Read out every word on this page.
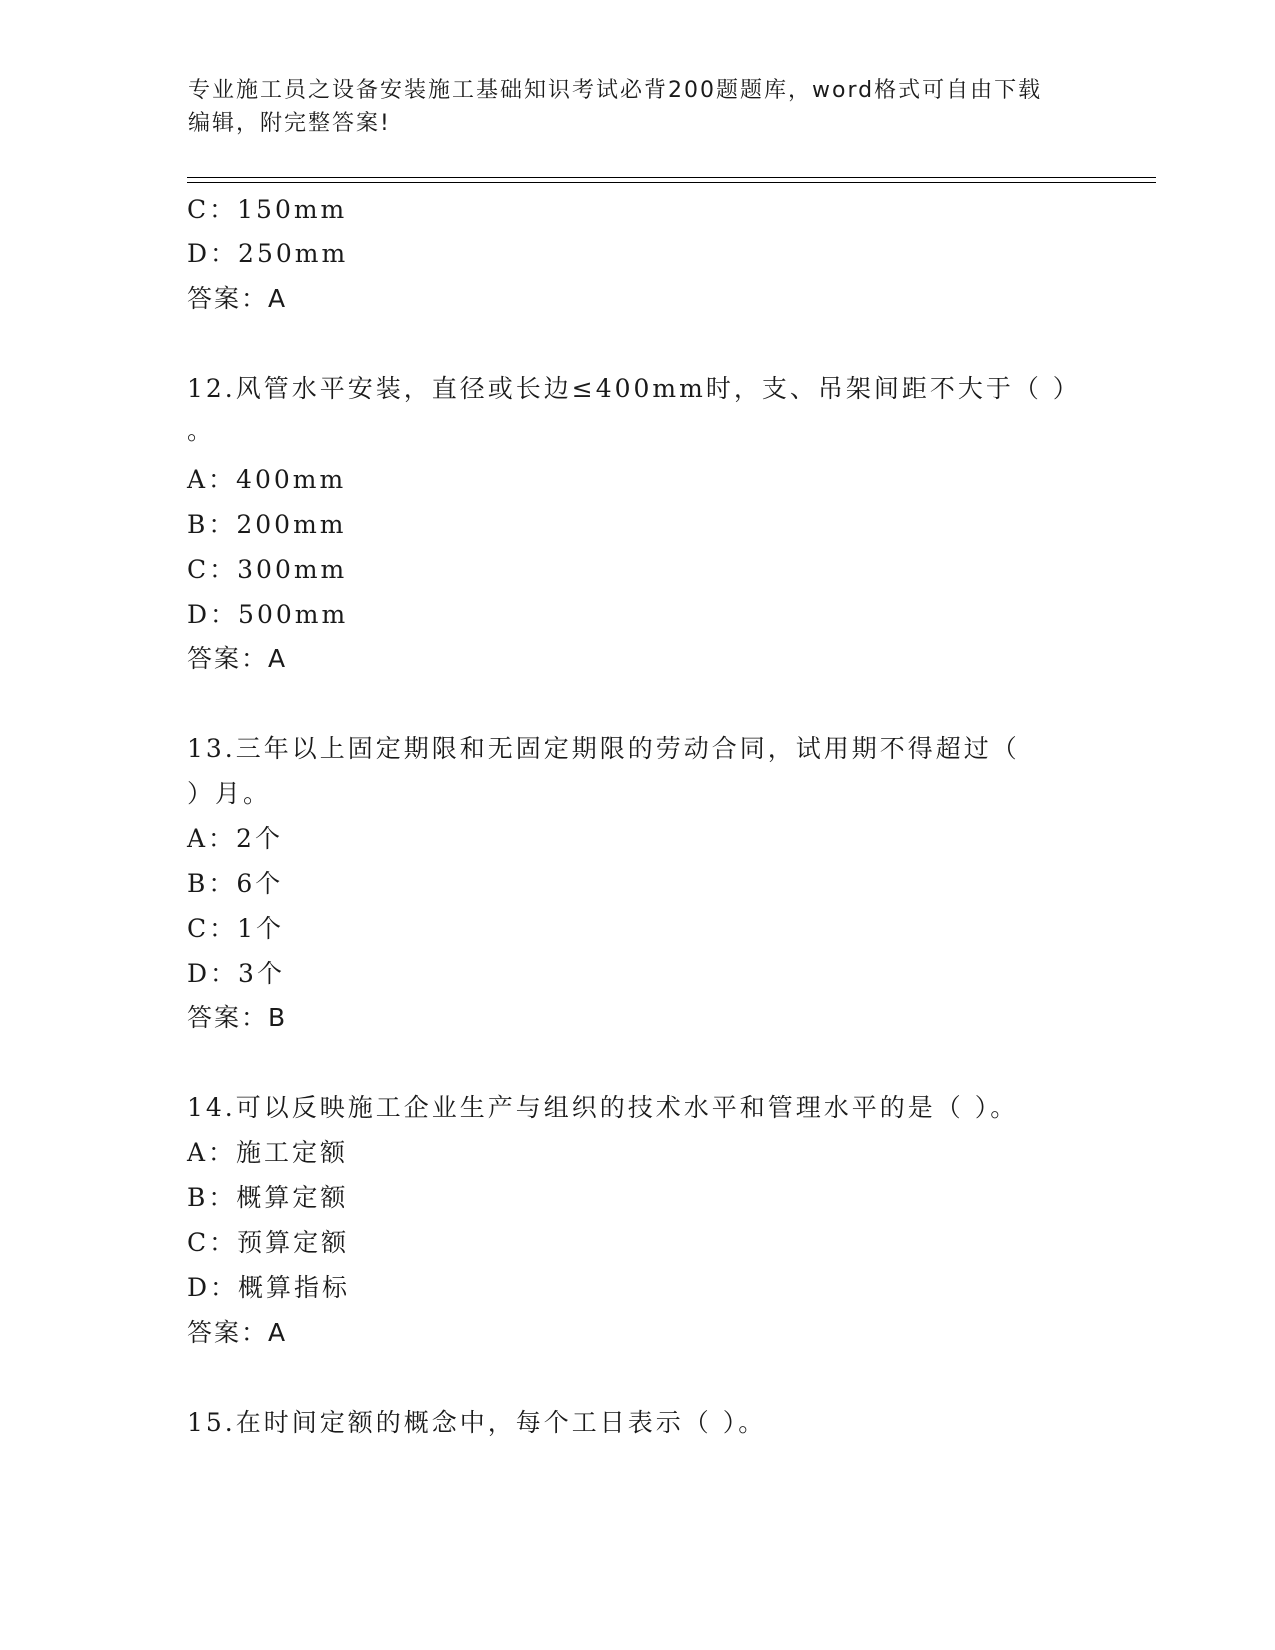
专业施工员之设备安装施工基础知识考试必背200题题库，word格式可自由下载
编辑，附完整答案!
C：150mm
D：250mm
答案：A
12.风管水平安装，直径或长边≤400mm时，支、吊架间距不大于（ ）
。
A：400mm
B：200mm
C：300mm
D：500mm
答案：A
13.三年以上固定期限和无固定期限的劳动合同，试用期不得超过（
）月。
A：2个
B：6个
C：1个
D：3个
答案：B
14.可以反映施工企业生产与组织的技术水平和管理水平的是（ ）。
A：施工定额
B：概算定额
C：预算定额
D：概算指标
答案：A
15.在时间定额的概念中，每个工日表示（ ）。
